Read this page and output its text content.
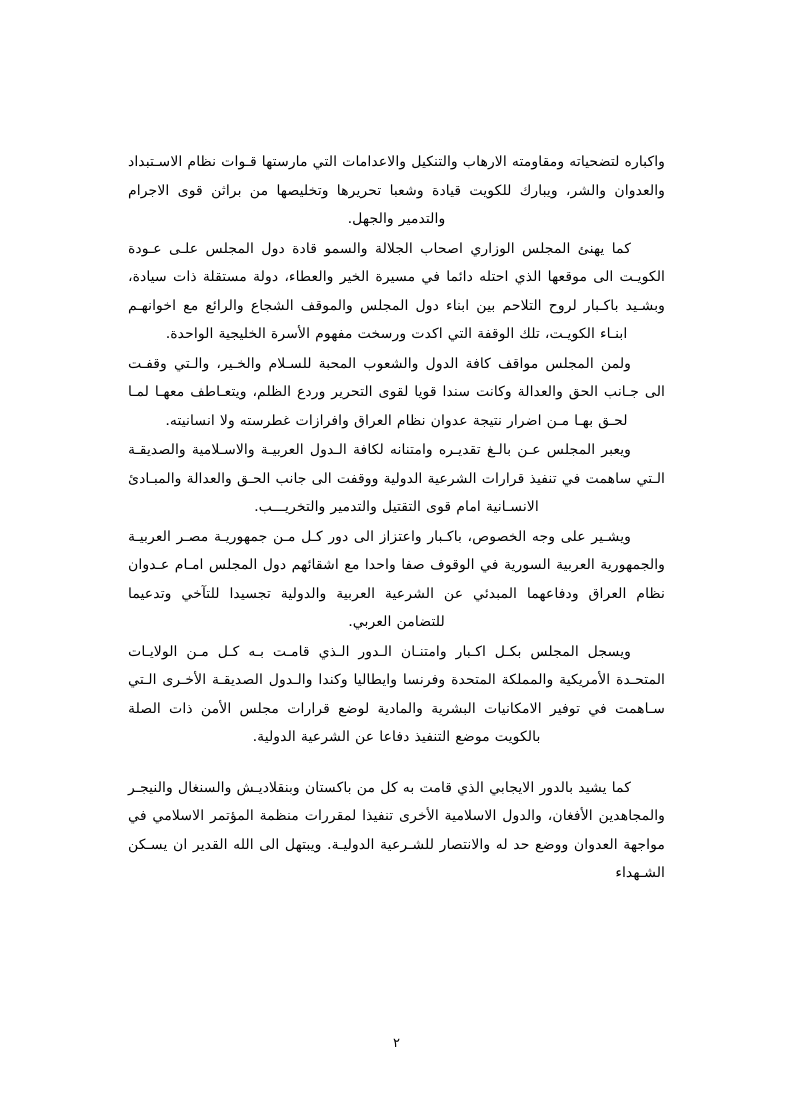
واكباره لتضحياته ومقاومته الارهاب والتنكيل والاعدامات التي مارستها قـوات نظام الاسـتبداد والعدوان والشر، ويبارك للكويت قيادة وشعبا تحريرها وتخليصها من براثن قوى الاجرام والتدمير والجهل.

كما يهنئ المجلس الوزاري اصحاب الجلالة والسمو قادة دول المجلس علـى عـودة الكويـت الى موقعها الذي احتله دائما في مسيرة الخير والعطاء، دولة مستقلة ذات سيادة، وبشـيد باكـبار لروح التلاحم بين ابناء دول المجلس والموقف الشجاع والرائع مع اخوانهـم ابنـاء الكويـت، تلك الوقفة التي اكدت ورسخت مفهوم الأسرة الخليجية الواحدة.

ولمن المجلس مواقف كافة الدول والشعوب المحبة للسـلام والخـير، والـتي وقفـت الى جـانب الحق والعدالة وكانت سندا قويا لقوى التحرير وردع الظلم، ويتعـاطف معهـا لمـا لحـق بهـا مـن اضرار نتيجة عدوان نظام العراق وافرازات غطرسته ولا انسانيته.

ويعبر المجلس عـن بالـغ تقديـره وامتنانه لكافة الـدول العربيـة والاسـلامية والصديقـة الـتي ساهمت في تنفيذ قرارات الشرعية الدولية ووقفت الى جانب الحـق والعدالة والمبـادئ الانسـانية امام قوى التقتيل والتدمير والتخريـــب.

ويشـير على وجه الخصوص، باكـبار واعتزاز الى دور كـل مـن جمهوريـة مصـر العربيـة والجمهورية العربية السورية في الوقوف صفا واحدا مع اشقائهم دول المجلس امـام عـدوان نظام العراق ودفاعهما المبدئي عن الشرعية العربية والدولية تجسيدا للتآخي وتدعيما للتضامن العربي.

ويسجل المجلس بكـل اكـبار وامتنـان الـدور الـذي قامـت بـه كـل مـن الولايـات المتحـدة الأمريكية والمملكة المتحدة وفرنسا وايطاليا وكندا والـدول الصديقـة الأخـرى الـتي سـاهمت في توفير الامكانيات البشرية والمادية لوضع قرارات مجلس الأمن ذات الصلة بالكويت موضع التنفيذ دفاعا عن الشرعية الدولية.

كما يشيد بالدور الايجابي الذي قامت به كل من باكستان وبنقلاديـش والسنغال والنيجـر والمجاهدين الأفغان، والدول الاسلامية الأخرى تنفيذا لمقررات منظمة المؤتمر الاسلامي في مواجهة العدوان ووضع حد له والانتصار للشـرعية الدوليـة. ويبتهل الى الله القدير ان يسـكن الشـهداء

٢
